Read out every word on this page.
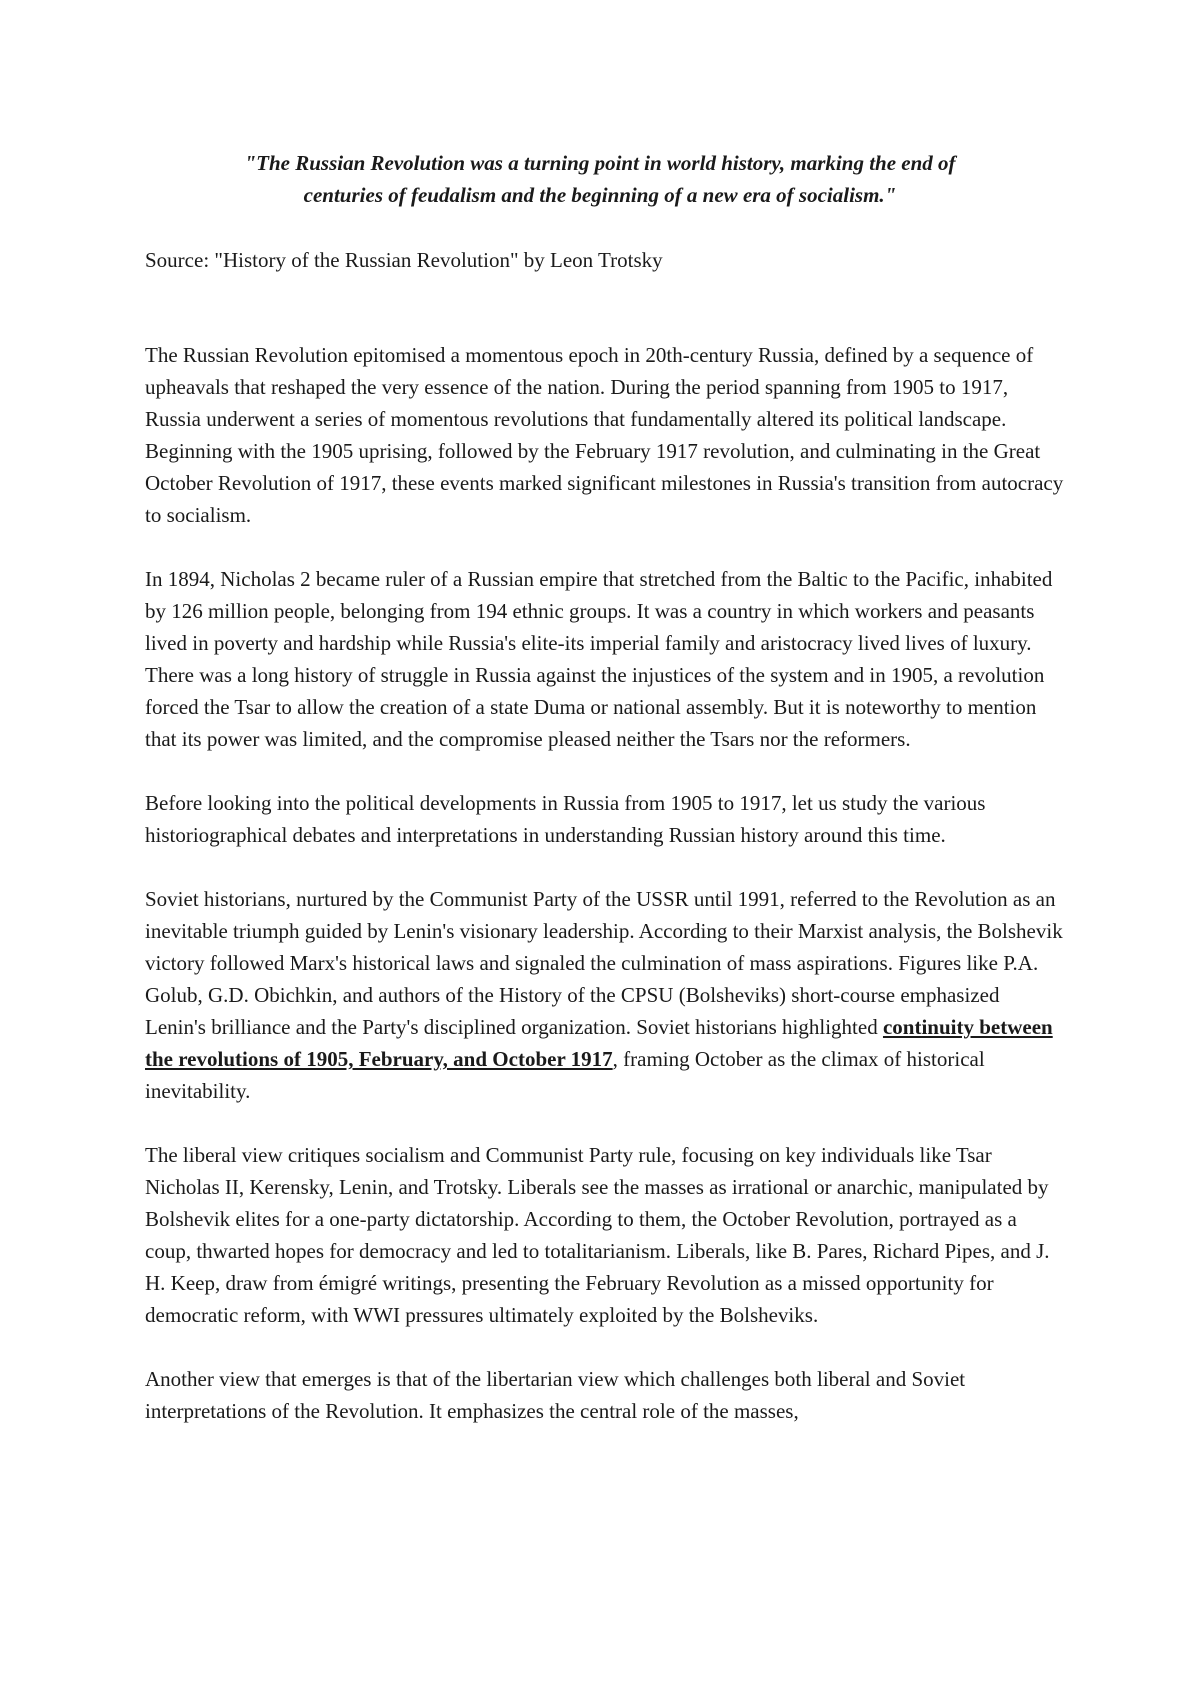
"The Russian Revolution was a turning point in world history, marking the end of
centuries of feudalism and the beginning of a new era of socialism."

Source: "History of the Russian Revolution" by Leon Trotsky

The Russian Revolution epitomised a momentous epoch in 20th-century Russia, defined by a sequence of upheavals that reshaped the very essence of the nation. During the period spanning from 1905 to 1917, Russia underwent a series of momentous revolutions that fundamentally altered its political landscape. Beginning with the 1905 uprising, followed by the February 1917 revolution, and culminating in the Great October Revolution of 1917, these events marked significant milestones in Russia's transition from autocracy to socialism.

In 1894, Nicholas 2 became ruler of a Russian empire that stretched from the Baltic to the Pacific, inhabited by 126 million people, belonging from 194 ethnic groups. It was a country in which workers and peasants lived in poverty and hardship while Russia's elite-its imperial family and aristocracy lived lives of luxury. There was a long history of struggle in Russia against the injustices of the system and in 1905, a revolution forced the Tsar to allow the creation of a state Duma or national assembly. But it is noteworthy to mention that its power was limited, and the compromise pleased neither the Tsars nor the reformers.

Before looking into the political developments in Russia from 1905 to 1917, let us study the various historiographical debates and interpretations in understanding Russian history around this time.

Soviet historians, nurtured by the Communist Party of the USSR until 1991, referred to the Revolution as an inevitable triumph guided by Lenin's visionary leadership. According to their Marxist analysis, the Bolshevik victory followed Marx's historical laws and signaled the culmination of mass aspirations. Figures like P.A. Golub, G.D. Obichkin, and authors of the History of the CPSU (Bolsheviks) short-course emphasized Lenin's brilliance and the Party's disciplined organization. Soviet historians highlighted continuity between the revolutions of 1905, February, and October 1917, framing October as the climax of historical inevitability.

The liberal view critiques socialism and Communist Party rule, focusing on key individuals like Tsar Nicholas II, Kerensky, Lenin, and Trotsky. Liberals see the masses as irrational or anarchic, manipulated by Bolshevik elites for a one-party dictatorship. According to them, the October Revolution, portrayed as a coup, thwarted hopes for democracy and led to totalitarianism. Liberals, like B. Pares, Richard Pipes, and J. H. Keep, draw from émigré writings, presenting the February Revolution as a missed opportunity for democratic reform, with WWI pressures ultimately exploited by the Bolsheviks.

Another view that emerges is that of the libertarian view which challenges both liberal and Soviet interpretations of the Revolution. It emphasizes the central role of the masses,
